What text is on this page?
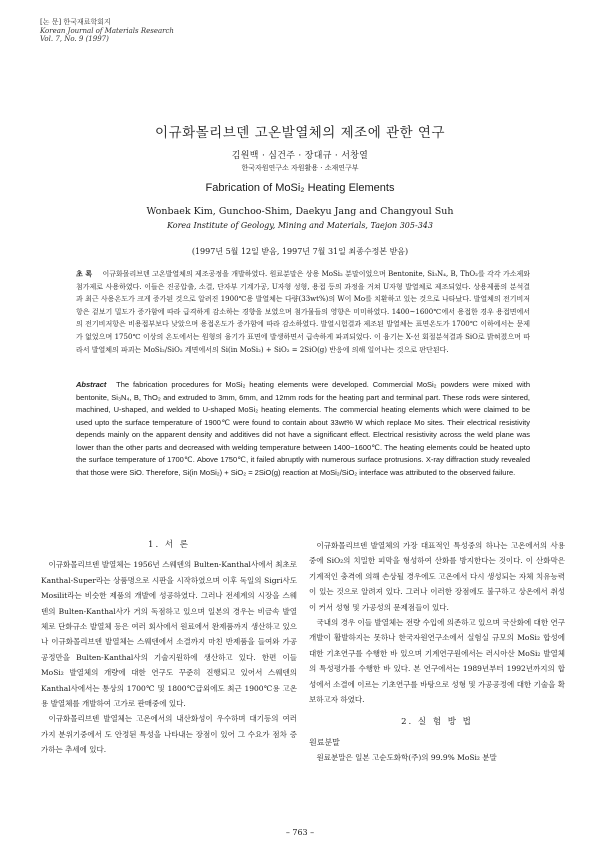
[논 문] 한국재료학회지
Korean Journal of Materials Research
Vol. 7, No. 9 (1997)
이규화몰리브덴 고온발열체의 제조에 관한 연구
김원백 · 심건주 · 장대규 · 서창열
한국자원연구소 자원활용 · 소재연구부
Fabrication of MoSi₂ Heating Elements
Wonbaek Kim, Gunchoo-Shim, Daekyu Jang and Changyoul Suh
Korea Institute of Geology, Mining and Materials, Taejon 305-343
(1997년 5월 12일 받음, 1997년 7월 31일 최종수정본 받음)
초 록 이규화몰리브덴 고온발열체의 제조공정을 개발하였다. 원료분말은 상용 MoSi₂ 분말이었으며 Bentonite, Si₃N₄, B, ThO₂를 각각 가소제와 첨가제로 사용하였다. 이들은 진공압출, 소결, 단자부 기계가공, U자형 성형, 용접 등의 과정을 거쳐 U자형 발열체로 제조되었다. 상용제품의 분석결과 최근 사용온도가 크게 증가된 것으로 알려진 1900℃용 발열체는 다량(33wt%)의 W이 Mo를 치환하고 있는 것으로 나타났다. 발열체의 전기비저항은 겉보기 밀도가 증가함에 따라 급격하게 감소하는 경향을 보였으며 첨가물들의 영향은 미미하였다. 1400~1600℃에서 용접한 경우 용접면에서의 전기비저항은 비용접부보다 낮았으며 용접온도가 증가함에 따라 감소하였다. 발열시험결과 제조된 발열체는 표면온도가 1700℃ 이하에서는 문제가 없었으며 1750℃ 이상의 온도에서는 원형의 융기가 표면에 발생하면서 급속하게 파괴되었다. 이 융기는 X-선 회절분석결과 SiO로 밝혀졌으며 따라서 발열체의 파괴는 MoSi₂/SiO₂ 계면에서의 Si(in MoSi₂) + SiO₂ = 2SiO(g) 반응에 의해 일어나는 것으로 판단된다.
Abstract The fabrication procedures for MoSi₂ heating elements were developed. Commercial MoSi₂ powders were mixed with bentonite, Si₃N₄, B, ThO₂ and extruded to 3mm, 6mm, and 12mm rods for the heating part and terminal part. These rods were sintered, machined, U-shaped, and welded to U-shaped MoSi₂ heating elements. The commercial heating elements which were claimed to be used upto the surface temperature of 1900℃ were found to contain about 33wt% W which replace Mo sites. Their electrical resistivity depends mainly on the apparent density and additives did not have a significant effect. Electrical resistivity across the weld plane was lower than the other parts and decreased with welding temperature between 1400~1600℃. The heating elements could be heated upto the surface temperature of 1700℃. Above 1750℃, it failed abruptly with numerous surface protrusions. X-ray diffraction study revealed that those were SiO. Therefore, Si(in MoSi₂) + SiO₂ = 2SiO(g) reaction at MoSi₂/SiO₂ interface was attributed to the observed failure.
1. 서 론

이규화몰리브덴 발열체는 1956년 스웨덴의 Bulten-Kanthal사에서 최초로 Kanthal-Super라는 상품명으로 시판을 시작하였으며 이후 독일의 Sigri사도 Mosilit라는 비슷한 제품의 개발에 성공하였다. 그러나 전세계의 시장을 스웨덴의 Bulten-Kanthal사가 거의 독점하고 있으며 일본의 경우는 비금속 발열체로 단화규소 발열체 등은 여러 회사에서 원료에서 완제품까지 생산하고 있으나 이규화몰리브덴 발열체는 스웨덴에서 소결까지 마친 반제품을 들여와 가공공정만을 Bulten-Kanthal사의 기술지원하에 생산하고 있다. 한편 이들 MoSi₂ 발열체의 개량에 대한 연구도 꾸준히 진행되고 있어서 스웨덴의 Kanthal사에서는 통상의 1700℃ 및 1800℃급외에도 최근 1900℃용 고온용 발열체를 개발하여 고가로 판매중에 있다.

이규화몰리브덴 발열체는 고온에서의 내산화성이 우수하며 대기등의 여러 가지 분위기중에서 도 안정된 특성을 나타내는 장점이 있어 그 수요가 점차 증가하는 추세에 있다.

이규화몰리브덴 발열체의 가장 대표적인 특성중의 하나는 고온에서의 사용중에 SiO₂의 치밀한 피막을 형성하여 산화를 방지한다는 것이다. 이 산화막은 기계적인 충격에 의해 손상될 경우에도 고온에서 다시 생성되는 자체 치유능력이 있는 것으로 알려져 있다. 그러나 이러한 장점에도 불구하고 상온에서 취성이 커서 성형 및 가공성의 문제점들이 있다.

국내의 경우 이들 발열체는 전량 수입에 의존하고 있으며 국산화에 대한 연구개발이 활발하지는 못하나 한국자원연구소에서 실험실 규모의 MoSi₂ 합성에 대한 기초연구를 수행한 바 있으며 기계연구원에서는 러시아산 MoSi₂ 발열체의 특성평가를 수행한 바 있다. 본 연구에서는 1989년부터 1992년까지의 합성에서 소결에 이르는 기초연구를 바탕으로 성형 및 가공공정에 대한 기술을 확보하고자 하였다.

2. 실 험 방 법
원료분말

원료분말은 일본 고순도화학(주)의 99.9% MoSi₂ 분말

– 763 –
